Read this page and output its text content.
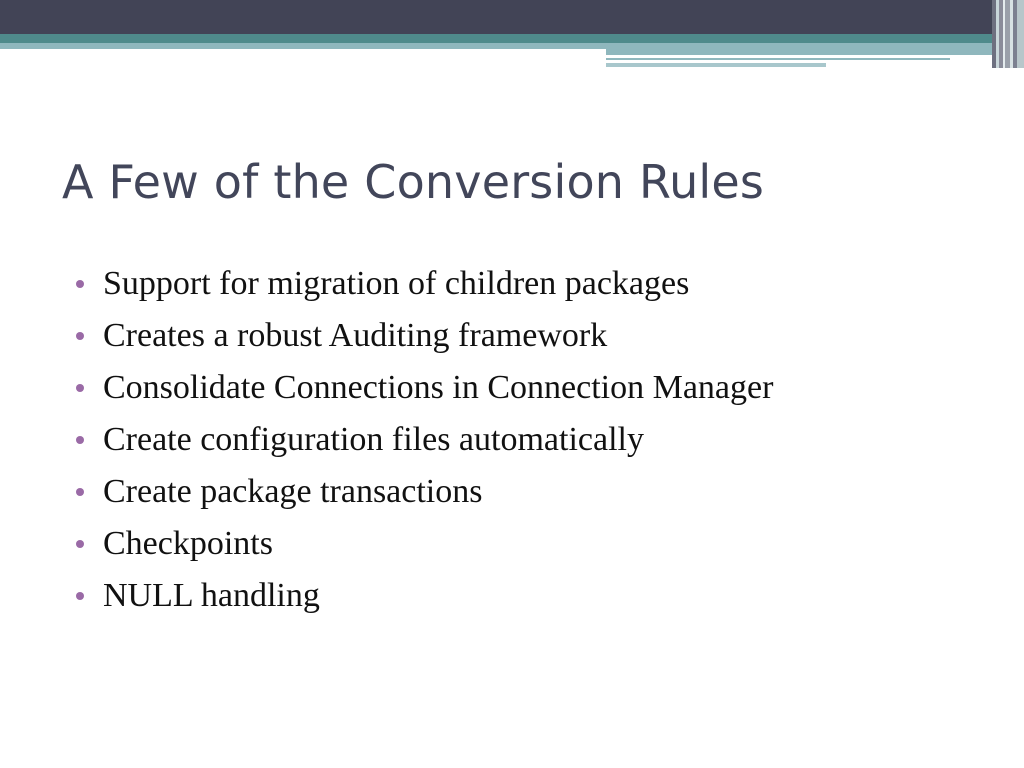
A Few of the Conversion Rules
Support for migration of children packages
Creates a robust Auditing framework
Consolidate Connections in Connection Manager
Create configuration files automatically
Create package transactions
Checkpoints
NULL handling
